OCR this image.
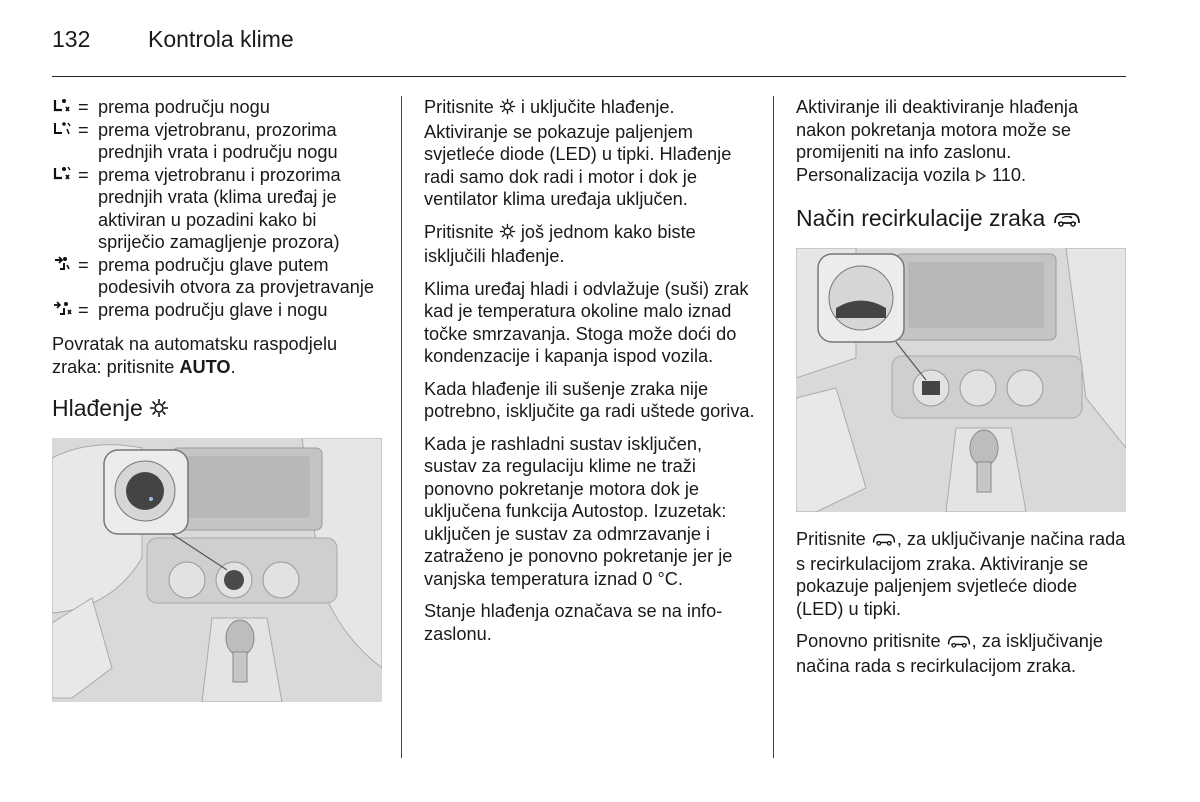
132	Kontrola klime
= prema području nogu
= prema vjetrobranu, prozorima prednjih vrata i području nogu
= prema vjetrobranu i prozorima prednjih vrata (klima uređaj je aktiviran u pozadini kako bi spriječio zamagljenje prozora)
= prema području glave putem podesivih otvora za provjetravanje
= prema području glave i nogu

Povratak na automatsku raspodjelu zraka: pritisnite AUTO.

Hlađenje

Pritisnite i uključite hlađenje. Aktiviranje se pokazuje paljenjem svjetleće diode (LED) u tipki. Hlađenje radi samo dok radi i motor i dok je ventilator klima uređaja uključen.

Pritisnite još jednom kako biste isključili hlađenje.

Klima uređaj hladi i odvlažuje (suši) zrak kad je temperatura okoline malo iznad točke smrzavanja. Stoga može doći do kondenzacije i kapanja ispod vozila.

Kada hlađenje ili sušenje zraka nije potrebno, isključite ga radi uštede goriva.

Kada je rashladni sustav isključen, sustav za regulaciju klime ne traži ponovno pokretanje motora dok je uključena funkcija Autostop. Izuzetak: uključen je sustav za odmrzavanje i zatraženo je ponovno pokretanje jer je vanjska temperatura iznad 0 °C.

Stanje hlađenja označava se na info-zaslonu.

Aktiviranje ili deaktiviranje hlađenja nakon pokretanja motora može se promijeniti na info zaslonu. Personalizacija vozila 110.

Način recirkulacije zraka

Pritisnite , za uključivanje načina rada s recirkulacijom zraka. Aktiviranje se pokazuje paljenjem svjetleće diode (LED) u tipki.

Ponovno pritisnite , za isključivanje načina rada s recirkulacijom zraka.
